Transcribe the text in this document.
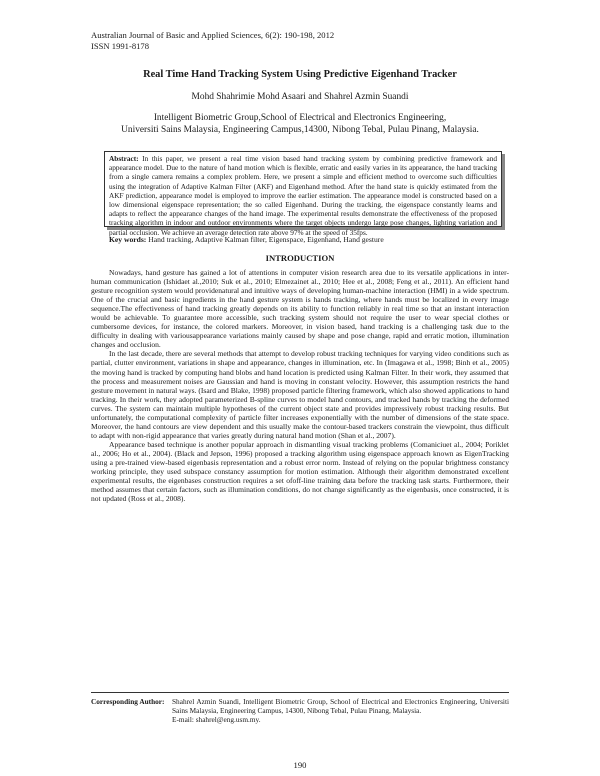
Australian Journal of Basic and Applied Sciences, 6(2): 190-198, 2012
ISSN 1991-8178
Real Time Hand Tracking System Using Predictive Eigenhand Tracker
Mohd Shahrimie Mohd Asaari and Shahrel Azmin Suandi
Intelligent Biometric Group,School of Electrical and Electronics Engineering,
Universiti Sains Malaysia, Engineering Campus,14300, Nibong Tebal, Pulau Pinang, Malaysia.
Abstract: In this paper, we present a real time vision based hand tracking system by combining predictive framework and appearance model. Due to the nature of hand motion which is flexible, erratic and easily varies in its appearance, the hand tracking from a single camera remains a complex problem. Here, we present a simple and efficient method to overcome such difficulties using the integration of Adaptive Kalman Filter (AKF) and Eigenhand method. After the hand state is quickly estimated from the AKF prediction, appearance model is employed to improve the earlier estimation. The appearance model is constructed based on a low dimensional eigenspace representation; the so called Eigenhand. During the tracking, the eigenspace constantly learns and adapts to reflect the appearance changes of the hand image. The experimental results demonstrate the effectiveness of the proposed tracking algorithm in indoor and outdoor environments where the target objects undergo large pose changes, lighting variation and partial occlusion. We achieve an average detection rate above 97% at the speed of 35fps.
Key words: Hand tracking, Adaptive Kalman filter, Eigenspace, Eigenhand, Hand gesture
INTRODUCTION

Nowadays, hand gesture has gained a lot of attentions in computer vision research area due to its versatile applications in inter-human communication (Ishidaet al.,2010; Suk et al., 2010; Elmezainet al., 2010; Hee et al., 2008; Feng et al., 2011). An efficient hand gesture recognition system would providenatural and intuitive ways of developing human-machine interaction (HMI) in a wide spectrum. One of the crucial and basic ingredients in the hand gesture system is hands tracking, where hands must be localized in every image sequence.The effectiveness of hand tracking greatly depends on its ability to function reliably in real time so that an instant interaction would be achievable. To guarantee more accessible, such tracking system should not require the user to wear special clothes or cumbersome devices, for instance, the colored markers. Moreover, in vision based, hand tracking is a challenging task due to the difficulty in dealing with variousappearance variations mainly caused by shape and pose change, rapid and erratic motion, illumination changes and occlusion.

In the last decade, there are several methods that attempt to develop robust tracking techniques for varying video conditions such as partial, clutter environment, variations in shape and appearance, changes in illumination, etc. In (Imagawa et al., 1998; Binh et al., 2005) the moving hand is tracked by computing hand blobs and hand location is predicted using Kalman Filter. In their work, they assumed that the process and measurement noises are Gaussian and hand is moving in constant velocity. However, this assumption restricts the hand gesture movement in natural ways. (Isard and Blake, 1998) proposed particle filtering framework, which also showed applications to hand tracking. In their work, they adopted parameterized B-spline curves to model hand contours, and tracked hands by tracking the deformed curves. The system can maintain multiple hypotheses of the current object state and provides impressively robust tracking results. But unfortunately, the computational complexity of particle filter increases exponentially with the number of dimensions of the state space. Moreover, the hand contours are view dependent and this usually make the contour-based trackers constrain the viewpoint, thus difficult to adapt with non-rigid appearance that varies greatly during natural hand motion (Shan et al., 2007).

Appearance based technique is another popular approach in dismantling visual tracking problems (Comaniciuet al., 2004; Poriklet al., 2006; Ho et al., 2004). (Black and Jepson, 1996) proposed a tracking algorithm using eigenspace approach known as EigenTracking using a pre-trained view-based eigenbasis representation and a robust error norm. Instead of relying on the popular brightness constancy working principle, they used subspace constancy assumption for motion estimation. Although their algorithm demonstrated excellent experimental results, the eigenbases construction requires a set ofoff-line training data before the tracking task starts. Furthermore, their method assumes that certain factors, such as illumination conditions, do not change significantly as the eigenbasis, once constructed, it is not updated (Ross et al., 2008).

Corresponding Author: Shahrel Azmin Suandi, Intelligent Biometric Group, School of Electrical and Electronics Engineering, Universiti Sains Malaysia, Engineering Campus, 14300, Nibong Tebal, Pulau Pinang, Malaysia.
E-mail: shahrel@eng.usm.my.
190
